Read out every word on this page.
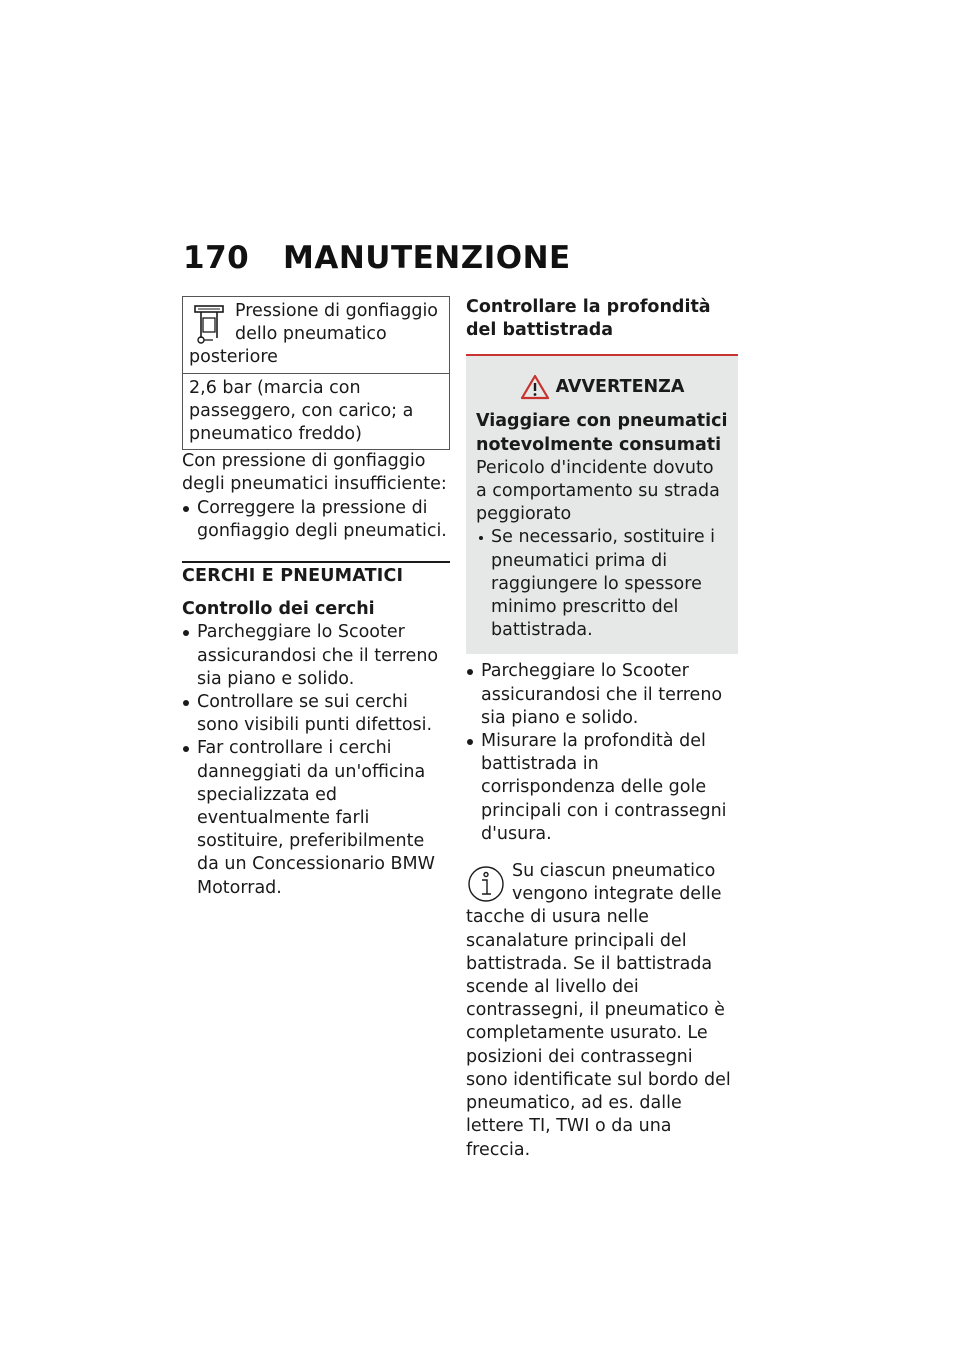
170	MANUTENZIONE
Pressione di gonfiaggio dello pneumatico posteriore
2,6 bar (marcia con passeggero, con carico; a pneumatico freddo)

Con pressione di gonfiaggio degli pneumatici insufficiente:

Correggere la pressione di gonfiaggio degli pneumatici.
CERCHI E PNEUMATICI
Controllo dei cerchi
Parcheggiare lo Scooter assicurandosi che il terreno sia piano e solido.
Controllare se sui cerchi sono visibili punti difettosi.
Far controllare i cerchi danneggiati da un'officina specializzata ed eventualmente farli sostituire, preferibilmente da un Concessionario BMW Motorrad.
Controllare la profondità del battistrada
AVVERTENZA

Viaggiare con pneumatici notevolmente consumati

Pericolo d'incidente dovuto a comportamento su strada peggiorato

Se necessario, sostituire i pneumatici prima di raggiungere lo spessore minimo prescritto del battistrada.
Parcheggiare lo Scooter assicurandosi che il terreno sia piano e solido.
Misurare la profondità del battistrada in corrispondenza delle gole principali con i contrassegni d'usura.
Su ciascun pneumatico vengono integrate delle tacche di usura nelle scanalature principali del battistrada. Se il battistrada scende al livello dei contrassegni, il pneumatico è completamente usurato. Le posizioni dei contrassegni sono identificate sul bordo del pneumatico, ad es. dalle lettere TI, TWI o da una freccia.
